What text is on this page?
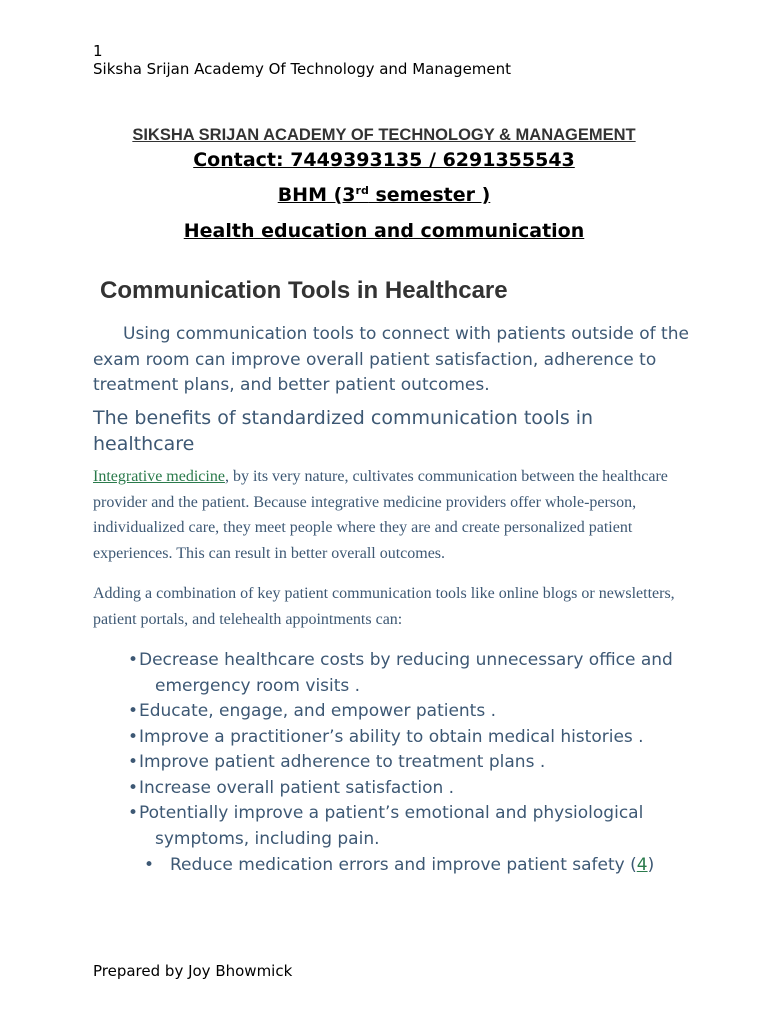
1
Siksha Srijan Academy Of Technology and Management
SIKSHA SRIJAN ACADEMY OF TECHNOLOGY & MANAGEMENT
Contact: 7449393135 / 6291355543
BHM (3rd semester )
Health education and communication
Communication Tools in Healthcare
Using communication tools to connect with patients outside of the exam room can improve overall patient satisfaction, adherence to treatment plans, and better patient outcomes.
The benefits of standardized communication tools in healthcare
Integrative medicine, by its very nature, cultivates communication between the healthcare provider and the patient. Because integrative medicine providers offer whole-person, individualized care, they meet people where they are and create personalized patient experiences. This can result in better overall outcomes.
Adding a combination of key patient communication tools like online blogs or newsletters, patient portals, and telehealth appointments can:
• Decrease healthcare costs by reducing unnecessary office and emergency room visits .
• Educate, engage, and empower patients .
• Improve a practitioner’s ability to obtain medical histories .
• Improve patient adherence to treatment plans .
• Increase overall patient satisfaction .
• Potentially improve a patient’s emotional and physiological symptoms, including pain.
• Reduce medication errors and improve patient safety (4)
Prepared by Joy Bhowmick
